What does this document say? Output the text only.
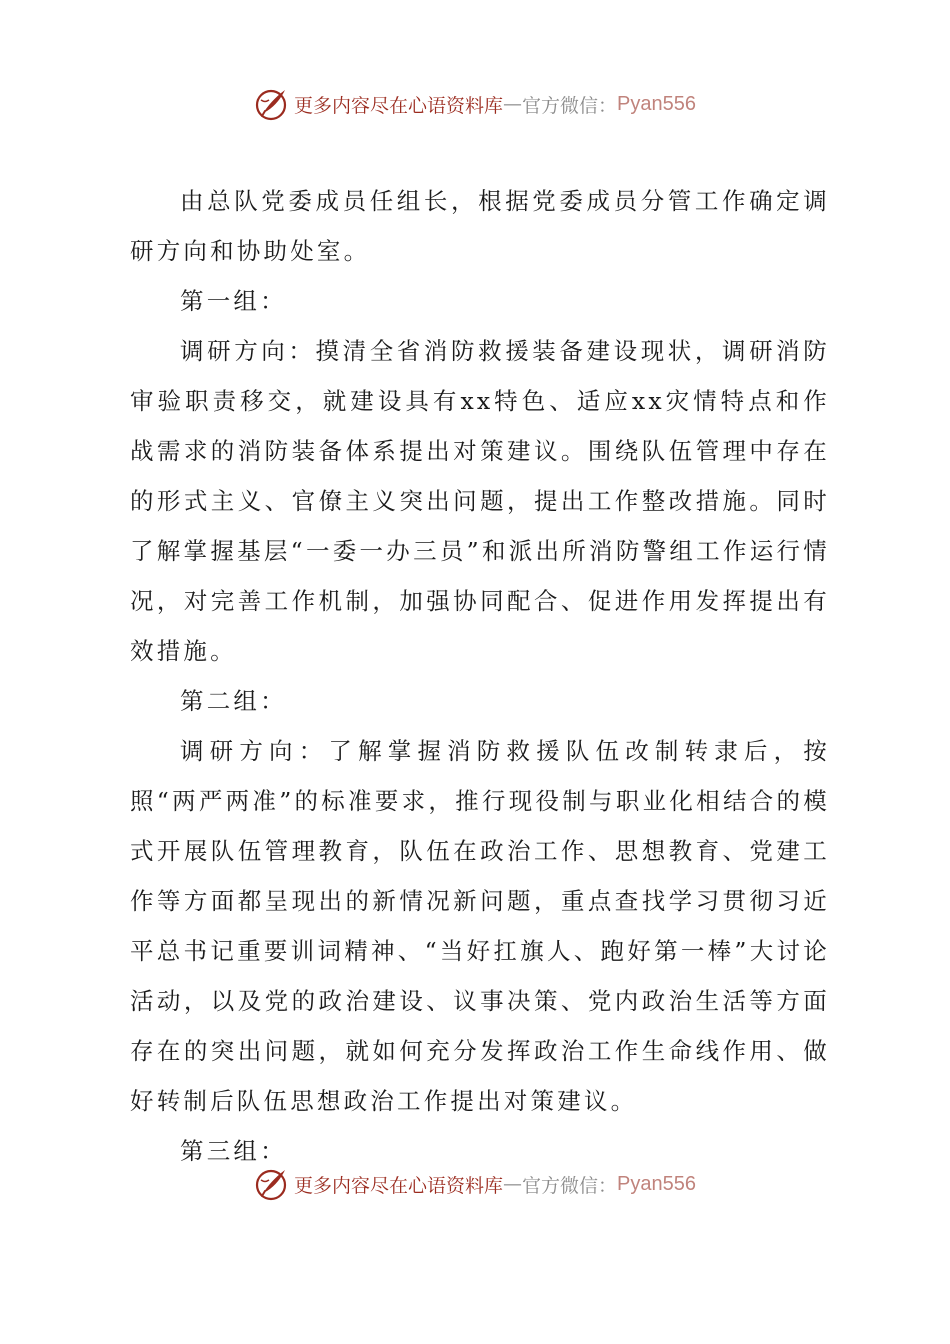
更多内容尽在心语资料库 — 官方微信： Pyan556

由总队党委成员任组长，根据党委成员分管工作确定调研方向和协助处室。

第一组：

调研方向：摸清全省消防救援装备建设现状，调研消防审验职责移交，就建设具有xx特色、适应xx灾情特点和作战需求的消防装备体系提出对策建议。围绕队伍管理中存在的形式主义、官僚主义突出问题，提出工作整改措施。同时了解掌握基层“一委一办三员”和派出所消防警组工作运行情况，对完善工作机制，加强协同配合、促进作用发挥提出有效措施。

第二组：

调研方向：了解掌握消防救援队伍改制转隶后，按照“两严两准”的标准要求，推行现役制与职业化相结合的模式开展队伍管理教育，队伍在政治工作、思想教育、党建工作等方面都呈现出的新情况新问题，重点查找学习贯彻习近平总书记重要训词精神、“当好扛旗人、跑好第一棒”大讨论活动，以及党的政治建设、议事决策、党内政治生活等方面存在的突出问题，就如何充分发挥政治工作生命线作用、做好转制后队伍思想政治工作提出对策建议。

第三组：

更多内容尽在心语资料库 — 官方微信： Pyan556
